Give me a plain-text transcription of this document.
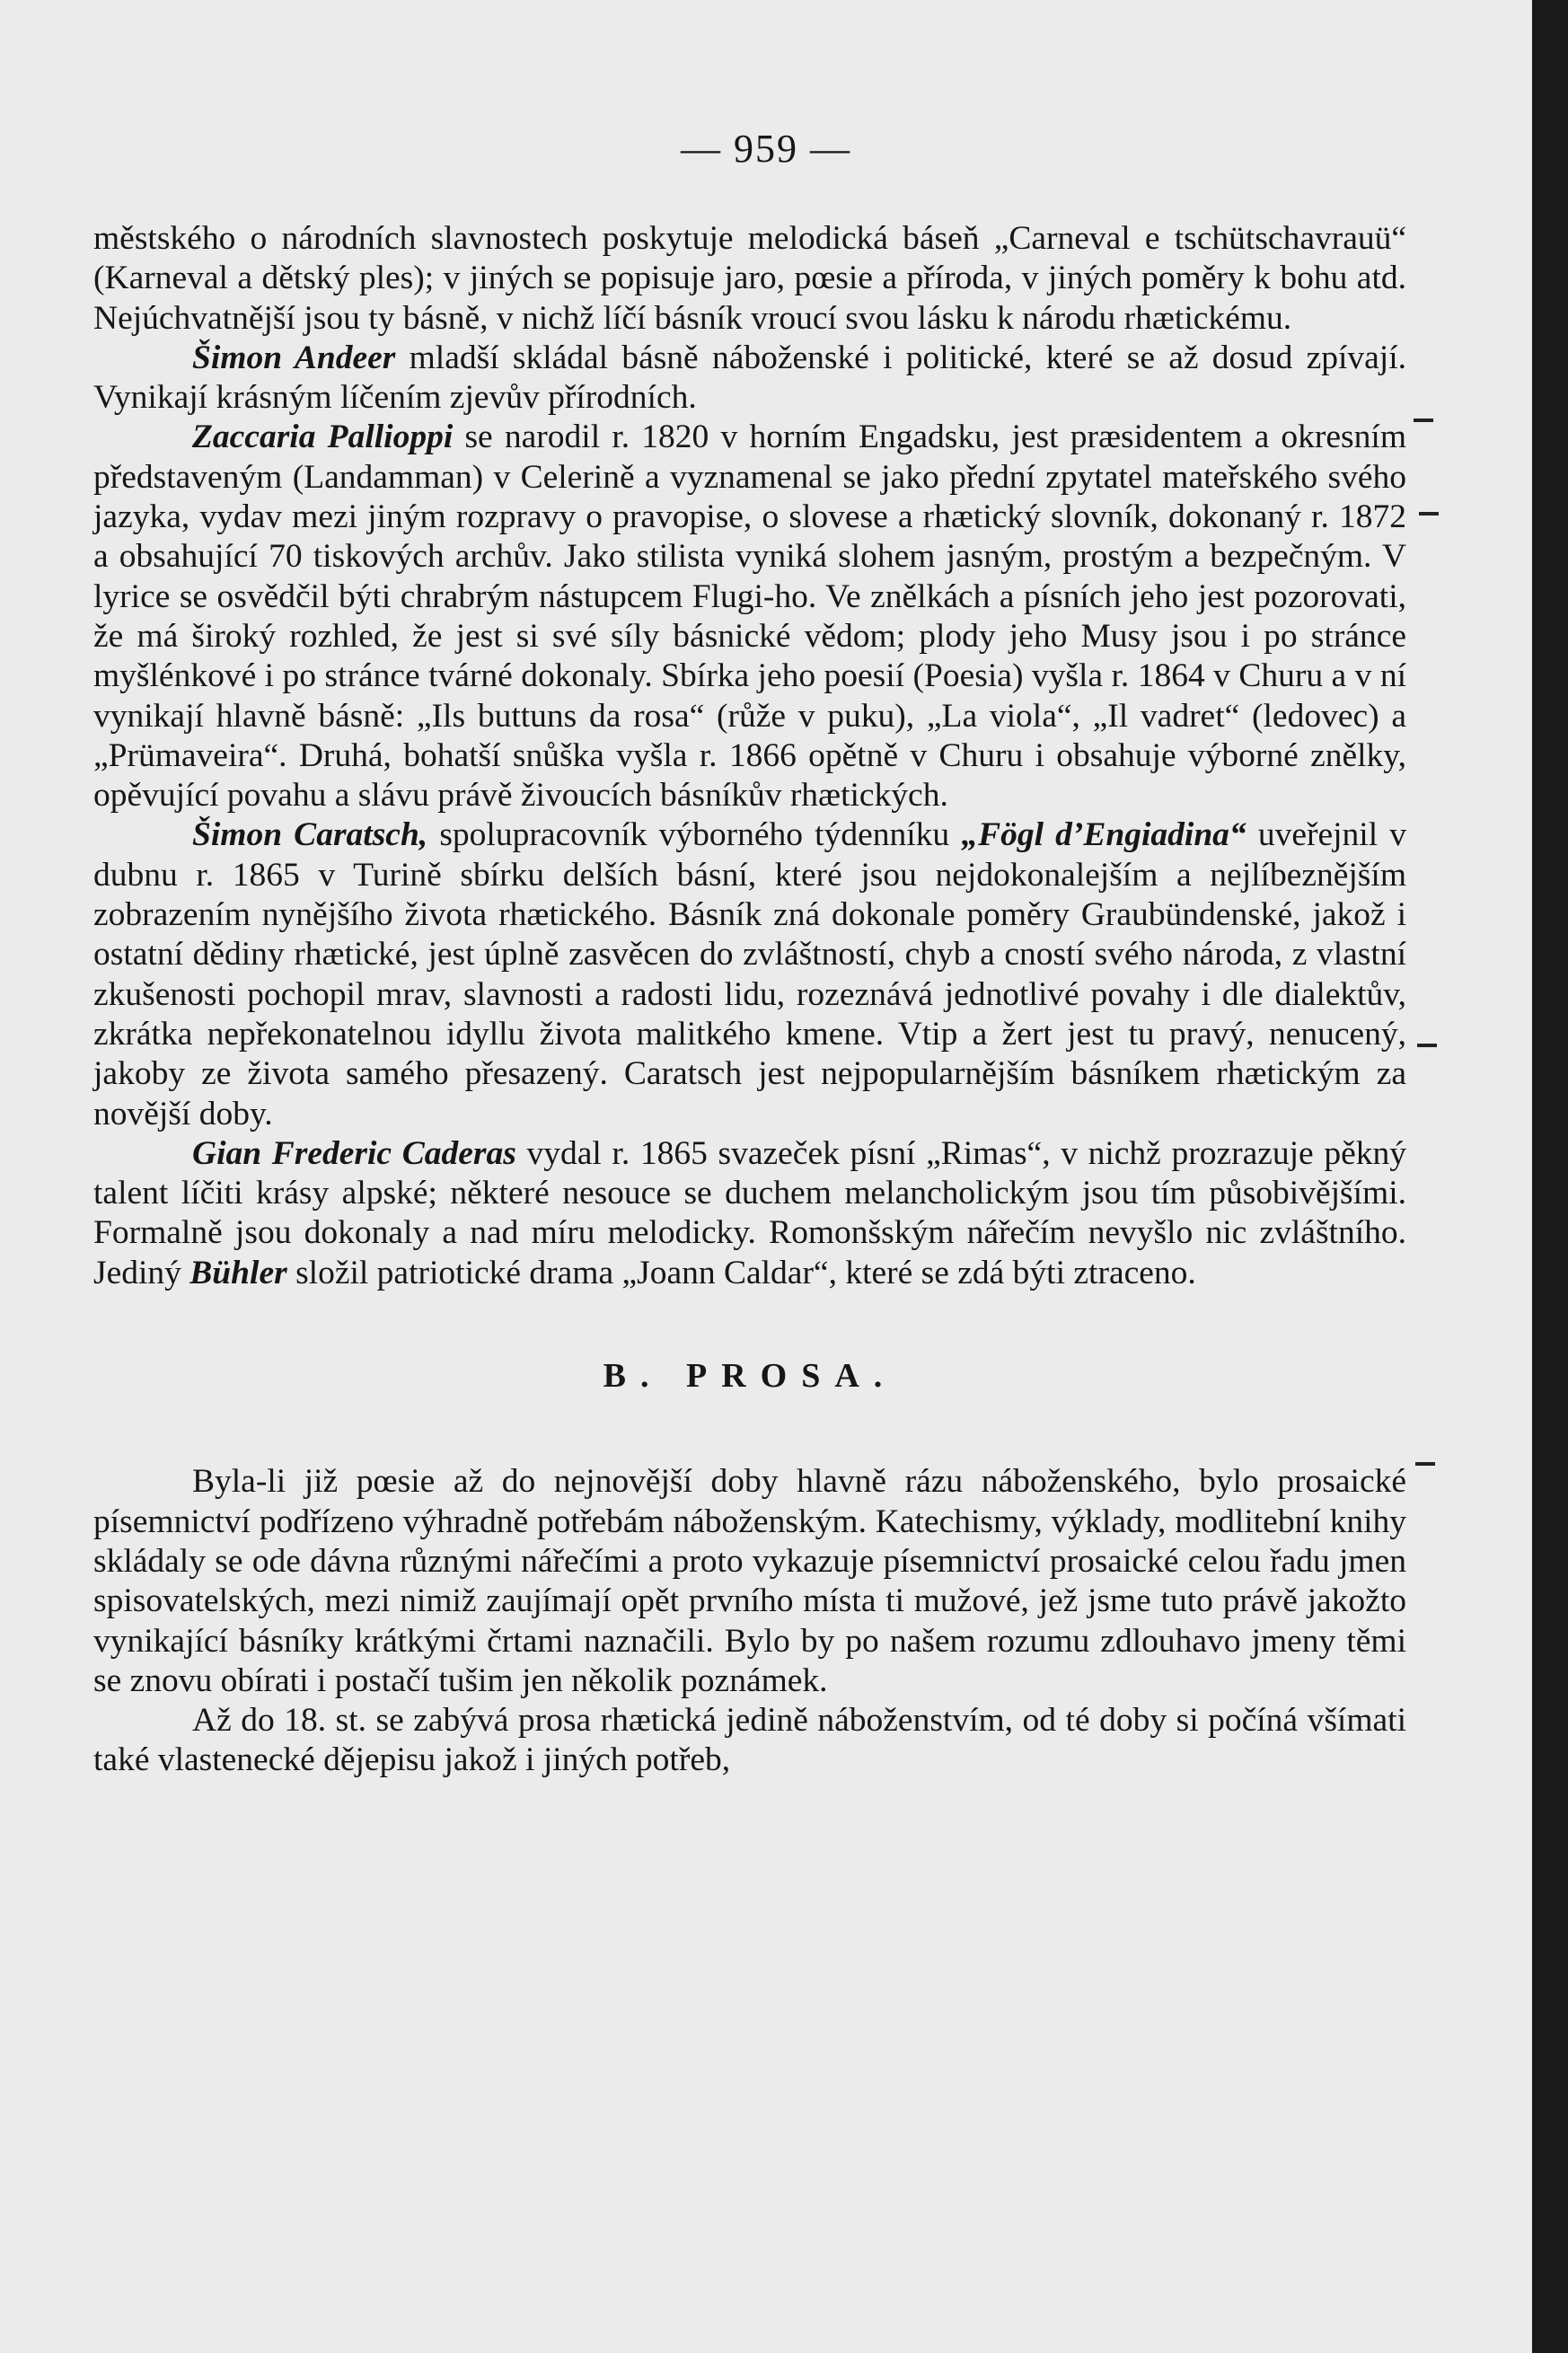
— 959 —

městského o národních slavnostech poskytuje melodická báseň „Carneval e tschütschavrauü“ (Karneval a dětský ples); v jiných se popisuje jaro, pœsie a příroda, v jiných poměry k bohu atd. Nejúchvatnější jsou ty básně, v nichž líčí básník vroucí svou lásku k národu rhætickému.

Šimon Andeer mladší skládal básně náboženské i politické, které se až dosud zpívají. Vynikají krásným líčením zjevův přírodních.

Zaccaria Pallioppi se narodil r. 1820 v horním Engadsku, jest præsidentem a okresním představeným (Landamman) v Celerině a vyznamenal se jako přední zpytatel mateřského svého jazyka, vydav mezi jiným rozpravy o pravopise, o slovese a rhætický slovník, dokonaný r. 1872 a obsahující 70 tiskových archův. Jako stilista vyniká slohem jasným, prostým a bezpečným. V lyrice se osvědčil býti chrabrým nástupcem Flugi-ho. Ve znělkách a písních jeho jest pozorovati, že má široký rozhled, že jest si své síly básnické vědom; plody jeho Musy jsou i po stránce myšlénkové i po stránce tvárné dokonaly. Sbírka jeho poesií (Poesia) vyšla r. 1864 v Churu a v ní vynikají hlavně básně: „Ils buttuns da rosa“ (růže v puku), „La viola“, „Il vadret“ (ledovec) a „Prümaveira“. Druhá, bohatší snůška vyšla r. 1866 opětně v Churu i obsahuje výborné znělky, opěvující povahu a slávu právě živoucích básníkův rhætických.

Šimon Caratsch, spolupracovník výborného týdenníku „Fögl d’Engiadina“ uveřejnil v dubnu r. 1865 v Turině sbírku delších básní, které jsou nejdokonalejším a nejlíbeznějším zobrazením nynějšího života rhætického. Básník zná dokonale poměry Graubündenské, jakož i ostatní dědiny rhætické, jest úplně zasvěcen do zvláštností, chyb a cností svého národa, z vlastní zkušenosti pochopil mrav, slavnosti a radosti lidu, rozeznává jednotlivé povahy i dle dialektův, zkrátka nepřekonatelnou idyllu života malitkého kmene. Vtip a žert jest tu pravý, nenucený, jakoby ze života samého přesazený. Caratsch jest nejpopularnějším básníkem rhætickým za novější doby.

Gian Frederic Caderas vydal r. 1865 svazeček písní „Rimas“, v nichž prozrazuje pěkný talent líčiti krásy alpské; některé nesouce se duchem melancholickým jsou tím působivějšími. Formalně jsou dokonaly a nad míru melodicky. Romonšským nářečím nevyšlo nic zvláštního. Jediný Bühler složil patriotické drama „Joann Caldar“, které se zdá býti ztraceno.

B. PROSA.

Byla-li již pœsie až do nejnovější doby hlavně rázu náboženského, bylo prosaické písemnictví podřízeno výhradně potřebám náboženským. Katechismy, výklady, modlitební knihy skládaly se ode dávna různými nářečími a proto vykazuje písemnictví prosaické celou řadu jmen spisovatelských, mezi nimiž zaujímají opět prvního místa ti mužové, jež jsme tuto právě jakožto vynikající básníky krátkými črtami naznačili. Bylo by po našem rozumu zdlouhavo jmeny těmi se znovu obírati i postačí tušim jen několik poznámek.

Až do 18. st. se zabývá prosa rhætická jedině náboženstvím, od té doby si počíná všímati také vlastenecké dějepisu jakož i jiných potřeb,
